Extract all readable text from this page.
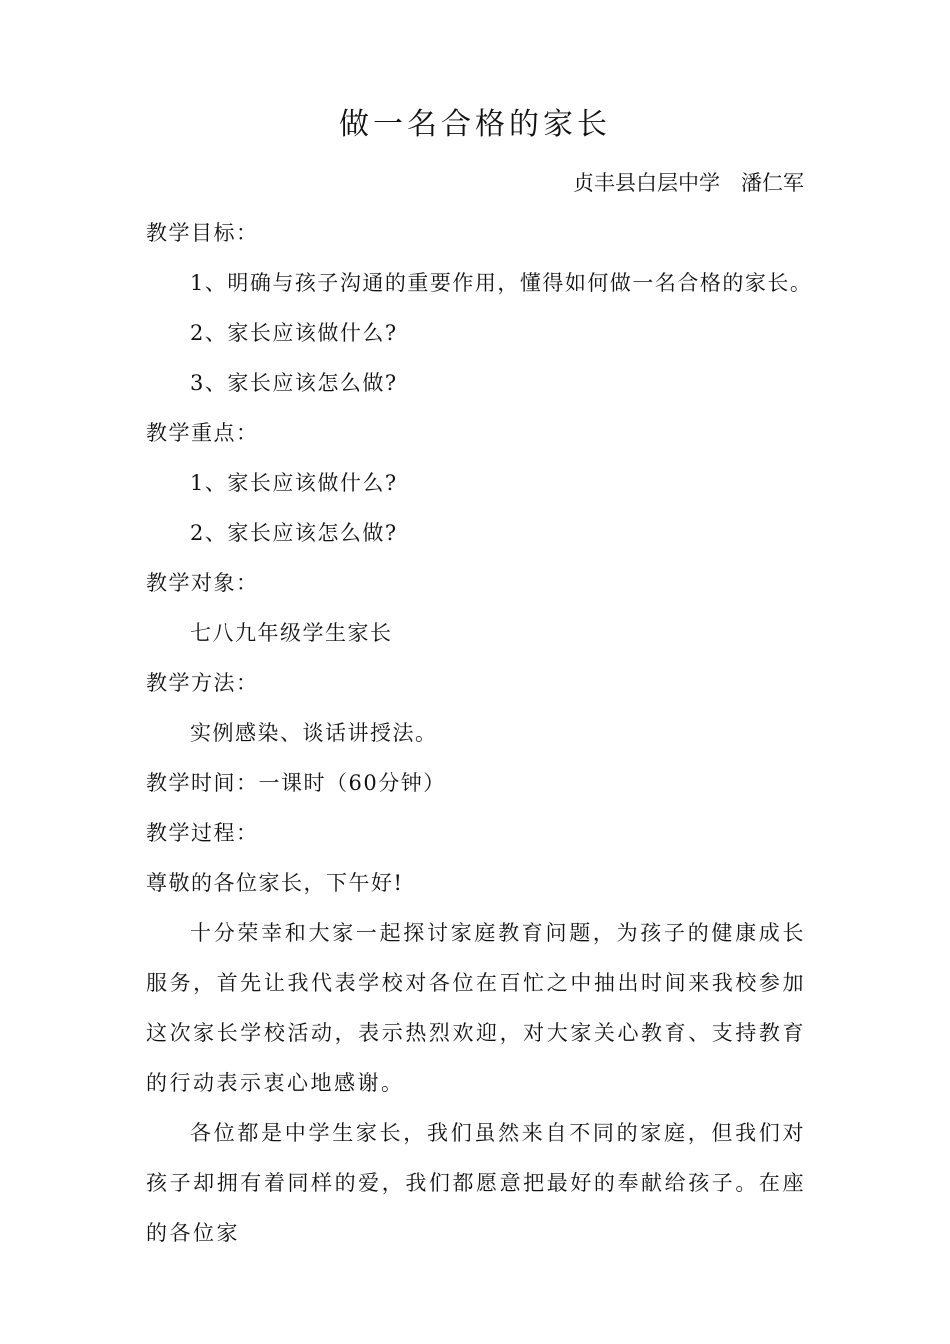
做一名合格的家长
贞丰县白层中学　潘仁军
教学目标：
1、明确与孩子沟通的重要作用，懂得如何做一名合格的家长。
2、家长应该做什么?
3、家长应该怎么做?
教学重点：
1、家长应该做什么?
2、家长应该怎么做?
教学对象：
七八九年级学生家长
教学方法：
实例感染、谈话讲授法。
教学时间：一课时（60分钟）
教学过程：
尊敬的各位家长，下午好!
十分荣幸和大家一起探讨家庭教育问题，为孩子的健康成长服务，首先让我代表学校对各位在百忙之中抽出时间来我校参加这次家长学校活动，表示热烈欢迎，对大家关心教育、支持教育的行动表示衷心地感谢。
各位都是中学生家长，我们虽然来自不同的家庭，但我们对孩子却拥有着同样的爱，我们都愿意把最好的奉献给孩子。在座的各位家
